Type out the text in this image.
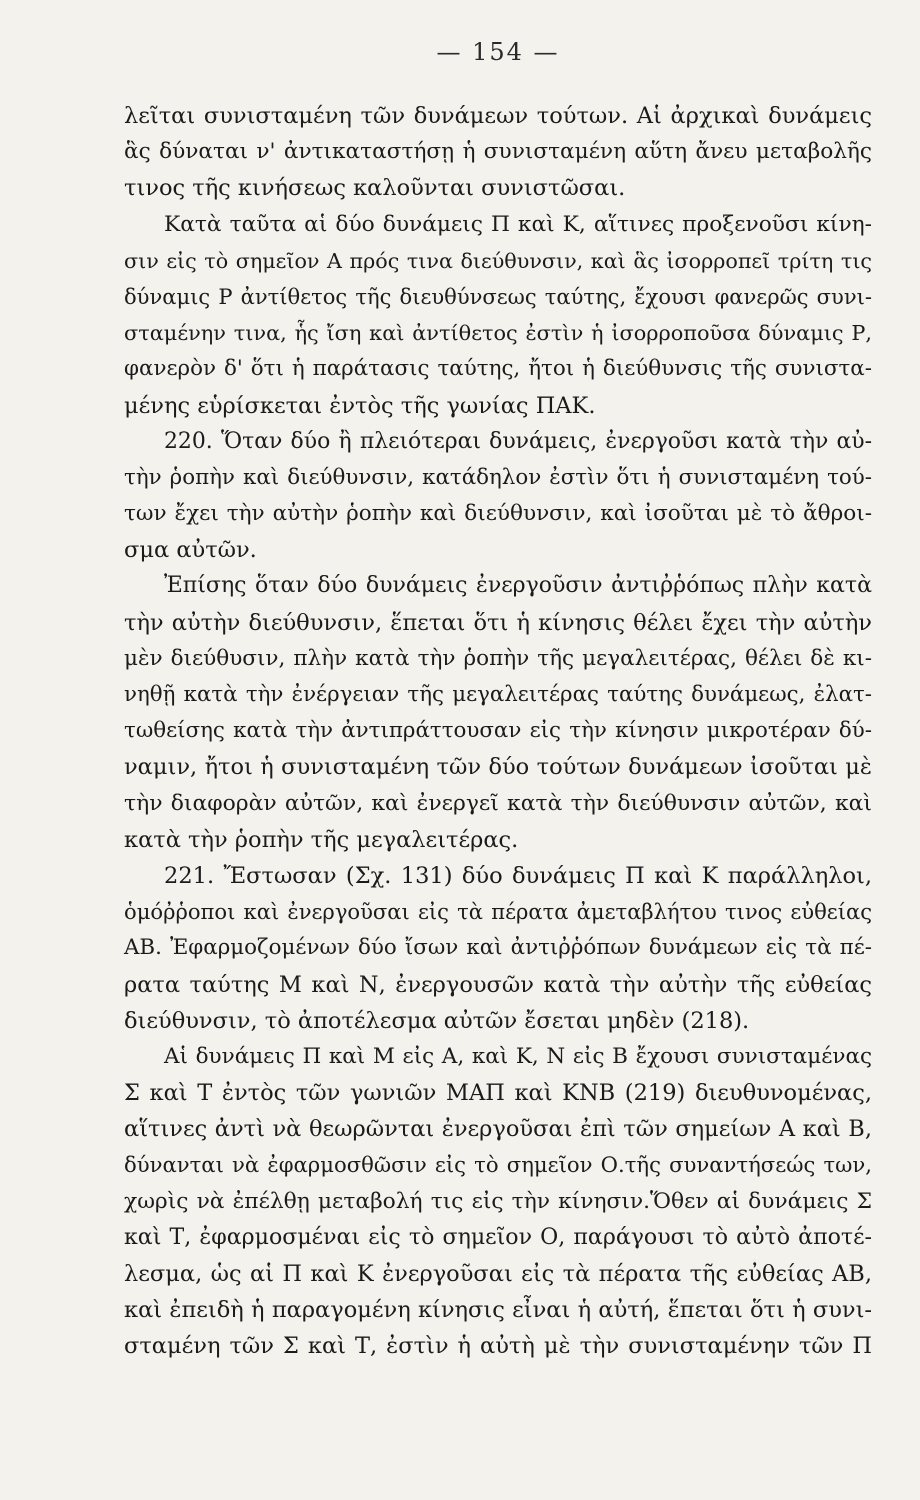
— 154 —
λεῖται συνισταμένη τῶν δυνάμεων τούτων. Αἱ ἀρχικαὶ δυνάμεις
ἃς δύναται ν' ἀντικαταστήσῃ ἡ συνισταμένη αὕτη ἄνευ μεταβολῆς
τινος τῆς κινήσεως καλοῦνται συνιστῶσαι.
Κατὰ ταῦτα αἱ δύο δυνάμεις Π καὶ Κ, αἵτινες προξενοῦσι κίνη-
σιν εἰς τὸ σημεῖον Α πρός τινα διεύθυνσιν, καὶ ἃς ἰσορροπεῖ τρίτη τις
δύναμις Ρ ἀντίθετος τῆς διευθύνσεως ταύτης, ἔχουσι φανερῶς συνι-
σταμένην τινα, ἧς ἴση καὶ ἀντίθετος ἐστὶν ἡ ἰσορροποῦσα δύναμις Ρ,
φανερὸν δ' ὅτι ἡ παράτασις ταύτης, ἤτοι ἡ διεύθυνσις τῆς συνιστα-
μένης εὑρίσκεται ἐντὸς τῆς γωνίας ΠΑΚ.
220. Ὅταν δύο ἢ πλειότεραι δυνάμεις, ἐνεργοῦσι κατὰ τὴν αὐ-
τὴν ῥοπὴν καὶ διεύθυνσιν, κατάδηλον ἐστὶν ὅτι ἡ συνισταμένη τού-
των ἔχει τὴν αὐτὴν ῥοπὴν καὶ διεύθυνσιν, καὶ ἰσοῦται μὲ τὸ ἄθροι-
σμα αὐτῶν.
Ἐπίσης ὅταν δύο δυνάμεις ἐνεργοῦσιν ἀντιῤῥόπως πλὴν κατὰ
τὴν αὐτὴν διεύθυνσιν, ἕπεται ὅτι ἡ κίνησις θέλει ἔχει τὴν αὐτὴν
μὲν διεύθυσιν, πλὴν κατὰ τὴν ῥοπὴν τῆς μεγαλειτέρας, θέλει δὲ κι-
νηθῇ κατὰ τὴν ἐνέργειαν τῆς μεγαλειτέρας ταύτης δυνάμεως, ἐλατ-
τωθείσης κατὰ τὴν ἀντιπράττουσαν εἰς τὴν κίνησιν μικροτέραν δύ-
ναμιν, ἤτοι ἡ συνισταμένη τῶν δύο τούτων δυνάμεων ἰσοῦται μὲ
τὴν διαφορὰν αὐτῶν, καὶ ἐνεργεῖ κατὰ τὴν διεύθυνσιν αὐτῶν, καὶ
κατὰ τὴν ῥοπὴν τῆς μεγαλειτέρας.
221. Ἔστωσαν (Σχ. 131) δύο δυνάμεις Π καὶ Κ παράλληλοι,
ὁμόῤῥοποι καὶ ἐνεργοῦσαι εἰς τὰ πέρατα ἀμεταβλήτου τινος εὐθείας
ΑΒ. Ἐφαρμοζομένων δύο ἴσων καὶ ἀντιῤῥόπων δυνάμεων εἰς τὰ πέ-
ρατα ταύτης Μ καὶ Ν, ἐνεργουσῶν κατὰ τὴν αὐτὴν τῆς εὐθείας
διεύθυνσιν, τὸ ἀποτέλεσμα αὐτῶν ἔσεται μηδὲν (218).
Αἱ δυνάμεις Π καὶ Μ εἰς Α, καὶ Κ, Ν εἰς Β ἔχουσι συνισταμένας
Σ καὶ Τ ἐντὸς τῶν γωνιῶν ΜΑΠ καὶ ΚΝΒ (219) διευθυνομένας,
αἵτινες ἀντὶ νὰ θεωρῶνται ἐνεργοῦσαι ἐπὶ τῶν σημείων Α καὶ Β,
δύνανται νὰ ἐφαρμοσθῶσιν εἰς τὸ σημεῖον Ο.τῆς συναντήσεώς των,
χωρὶς νὰ ἐπέλθῃ μεταβολή τις εἰς τὴν κίνησιν.Ὅθεν αἱ δυνάμεις Σ
καὶ Τ, ἐφαρμοσμέναι εἰς τὸ σημεῖον Ο, παράγουσι τὸ αὐτὸ ἀποτέ-
λεσμα, ὡς αἱ Π καὶ Κ ἐνεργοῦσαι εἰς τὰ πέρατα τῆς εὐθείας ΑΒ,
καὶ ἐπειδὴ ἡ παραγομένη κίνησις εἶναι ἡ αὐτή, ἕπεται ὅτι ἡ συνι-
σταμένη τῶν Σ καὶ Τ, ἐστὶν ἡ αὐτὴ μὲ τὴν συνισταμένην τῶν Π
